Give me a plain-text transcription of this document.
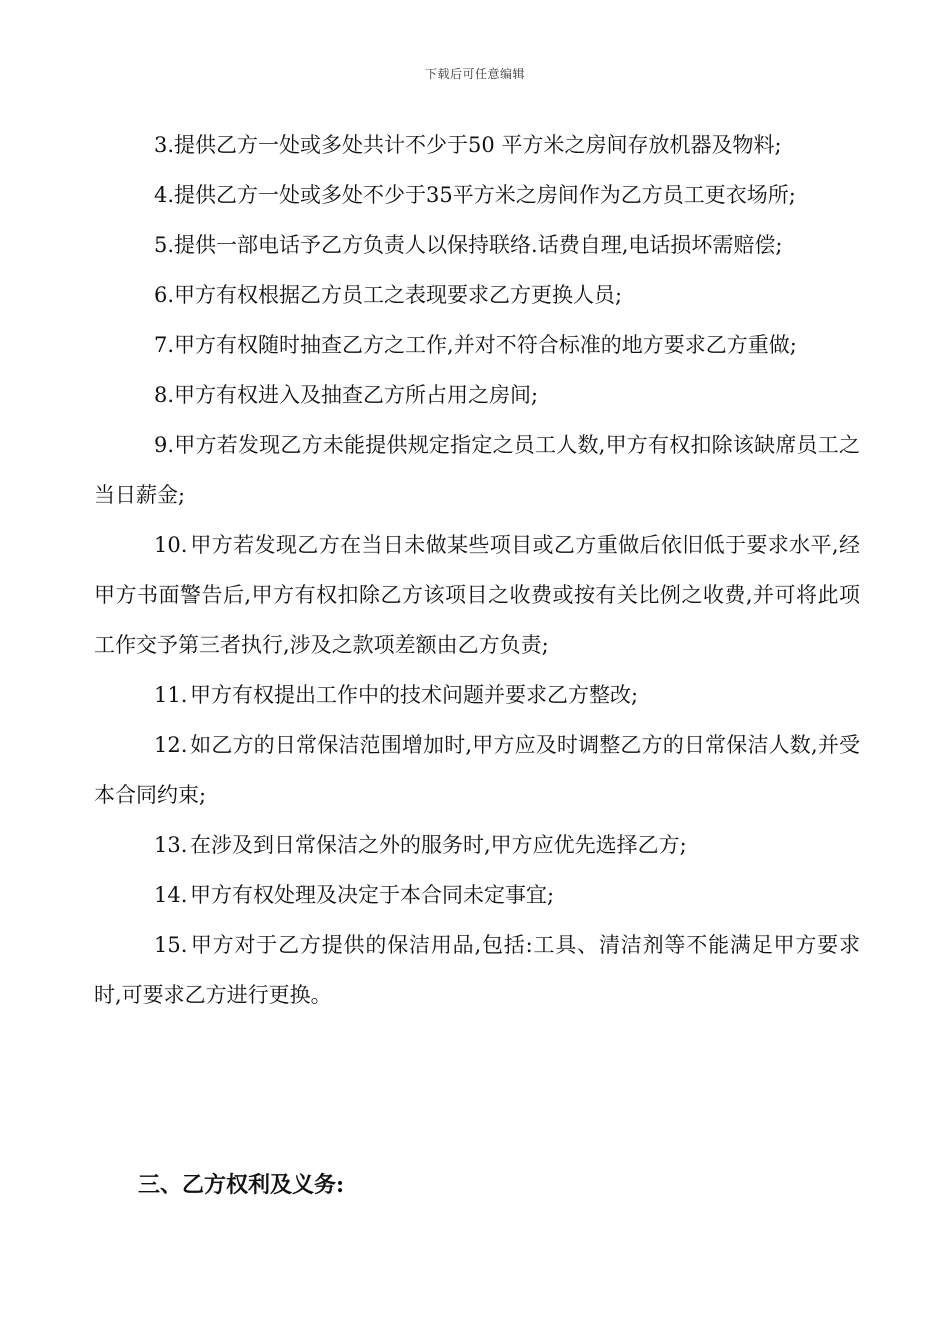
下载后可任意编辑

3.提供乙方一处或多处共计不少于50 平方米之房间存放机器及物料;

4.提供乙方一处或多处不少于35平方米之房间作为乙方员工更衣场所;

5.提供一部电话予乙方负责人以保持联络.话费自理,电话损坏需赔偿;

6.甲方有权根据乙方员工之表现要求乙方更换人员;

7.甲方有权随时抽查乙方之工作,并对不符合标准的地方要求乙方重做;

8.甲方有权进入及抽查乙方所占用之房间;

9.甲方若发现乙方未能提供规定指定之员工人数,甲方有权扣除该缺席员工之当日薪金;

10. 甲方若发现乙方在当日未做某些项目或乙方重做后依旧低于要求水平,经甲方书面警告后,甲方有权扣除乙方该项目之收费或按有关比例之收费,并可将此项工作交予第三者执行,涉及之款项差额由乙方负责;

11. 甲方有权提出工作中的技术问题并要求乙方整改;

12. 如乙方的日常保洁范围增加时,甲方应及时调整乙方的日常保洁人数,并受本合同约束;

13. 在涉及到日常保洁之外的服务时,甲方应优先选择乙方;

14. 甲方有权处理及决定于本合同未定事宜;

15. 甲方对于乙方提供的保洁用品,包括:工具、清洁剂等不能满足甲方要求时,可要求乙方进行更换。

三、乙方权利及义务:
